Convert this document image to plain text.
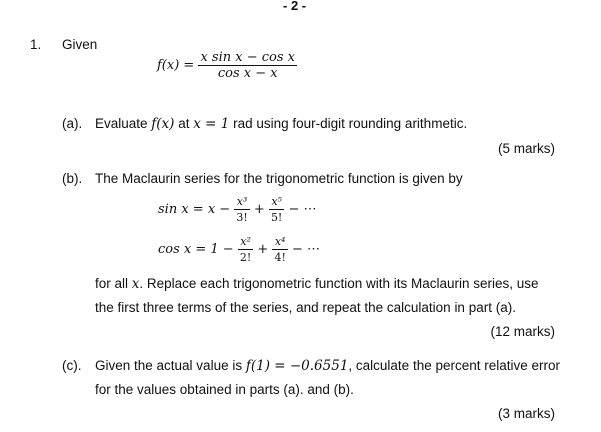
- 2 -
1. Given
$f(x) = \frac{\text{x sin x − cos x}}{\text{cos x − x}}$
(a). Evaluate f(x) at x = 1 rad using four-digit rounding arithmetic.
(5 marks)
(b). The Maclaurin series for the trigonometric function is given by
$\sin x = x - \frac{\text{x³}}{3!} + \frac{\text{x⁵}}{5!}$ − ⋯
$\cos x = 1 - \frac{\text{x²}}{2!} + \frac{\text{x⁴}}{4!}$ − ⋯
for all x. Replace each trigonometric function with its Maclaurin series, use
the first three terms of the series, and repeat the calculation in part (a).
(12 marks)
(c). Given the actual value is f(1) = −0.6551, calculate the percent relative error
for the values obtained in parts (a). and (b).
(3 marks)
